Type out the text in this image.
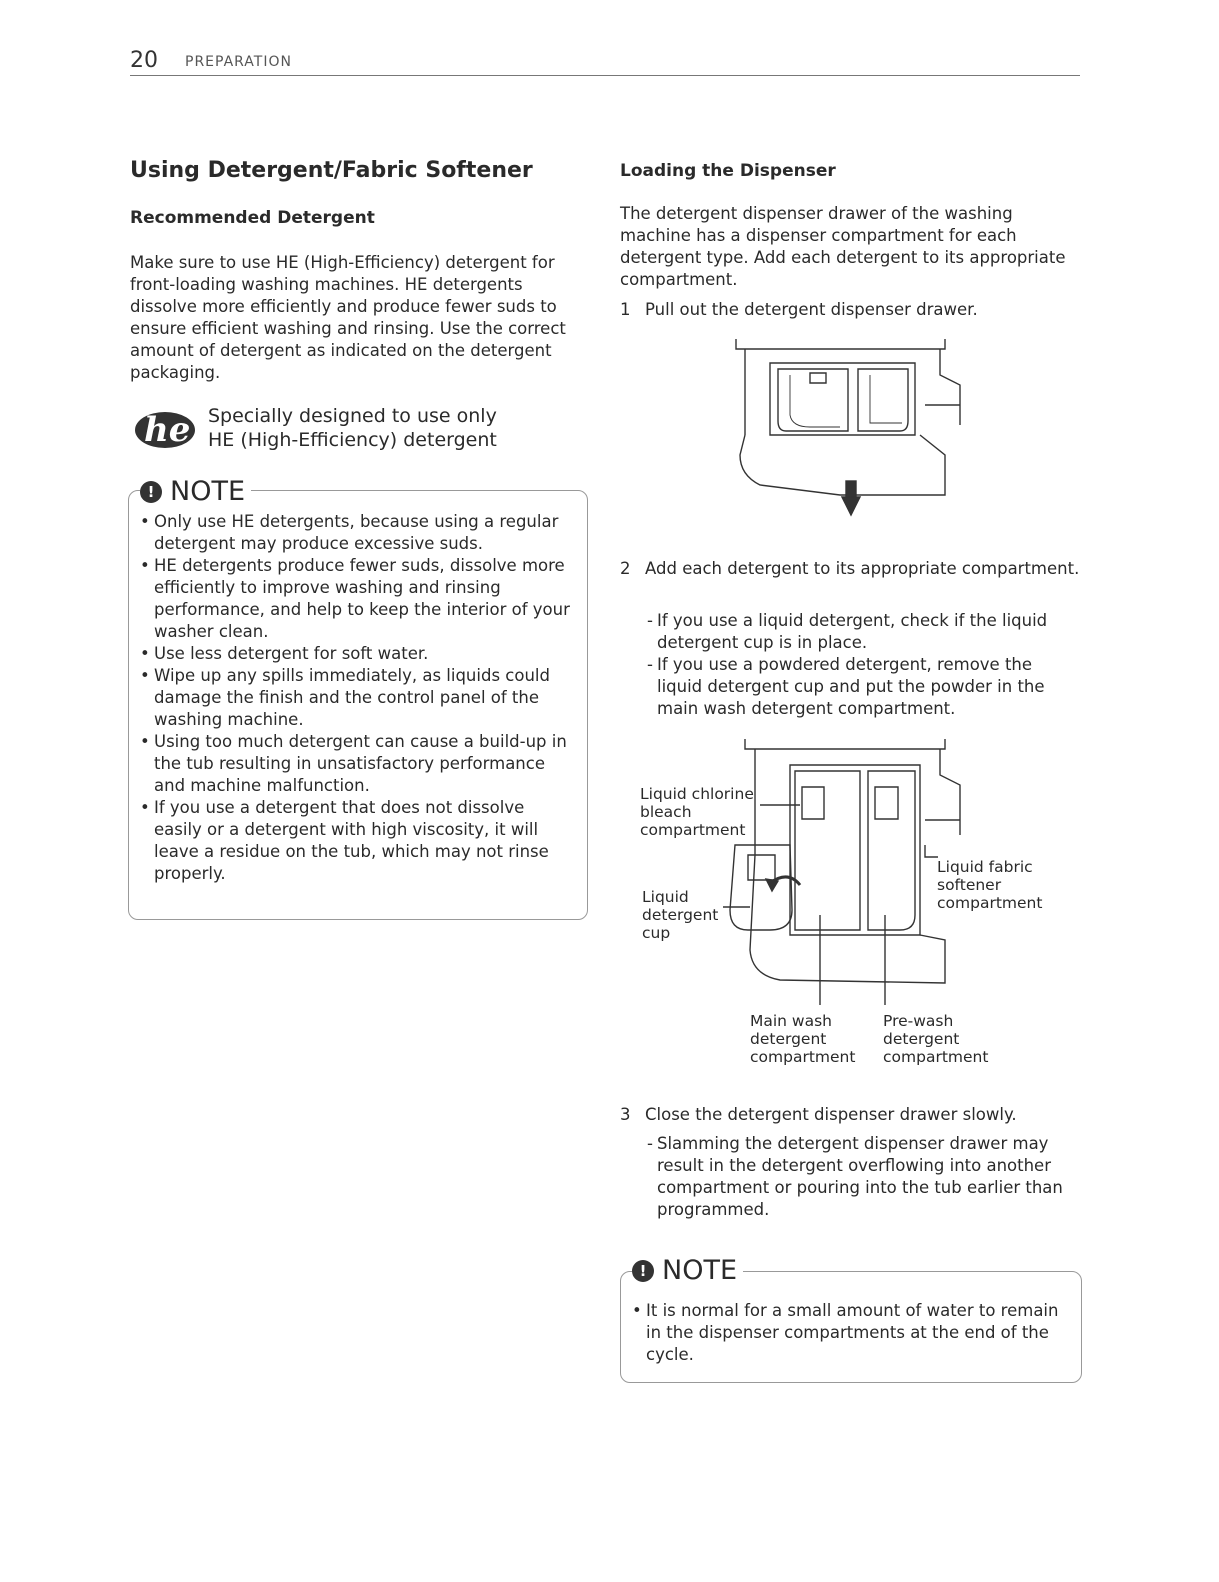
20 PREPARATION
Using Detergent/Fabric Softener
Recommended Detergent

Make sure to use HE (High-Efficiency) detergent for front-loading washing machines. HE detergents dissolve more efficiently and produce fewer suds to ensure efficient washing and rinsing. Use the correct amount of detergent as indicated on the detergent packaging.

he Specially designed to use only
HE (High-Efficiency) detergent
! NOTE
• Only use HE detergents, because using a regular detergent may produce excessive suds.
• HE detergents produce fewer suds, dissolve more efficiently to improve washing and rinsing performance, and help to keep the interior of your washer clean.
• Use less detergent for soft water.
• Wipe up any spills immediately, as liquids could damage the finish and the control panel of the washing machine.
• Using too much detergent can cause a build-up in the tub resulting in unsatisfactory performance and machine malfunction.
• If you use a detergent that does not dissolve easily or a detergent with high viscosity, it will leave a residue on the tub, which may not rinse properly.
Loading the Dispenser

The detergent dispenser drawer of the washing machine has a dispenser compartment for each detergent type. Add each detergent to its appropriate compartment.

1 Pull out the detergent dispenser drawer.
2 Add each detergent to its appropriate compartment.
- If you use a liquid detergent, check if the liquid detergent cup is in place.
- If you use a powdered detergent, remove the liquid detergent cup and put the powder in the main wash detergent compartment.
Liquid chlorine
bleach
compartment
Liquid
detergent
cup
Liquid fabric
softener
compartment
Main wash
detergent
compartment
Pre-wash
detergent
compartment
3 Close the detergent dispenser drawer slowly.
- Slamming the detergent dispenser drawer may result in the detergent overflowing into another compartment or pouring into the tub earlier than programmed.
! NOTE
• It is normal for a small amount of water to remain in the dispenser compartments at the end of the cycle.
